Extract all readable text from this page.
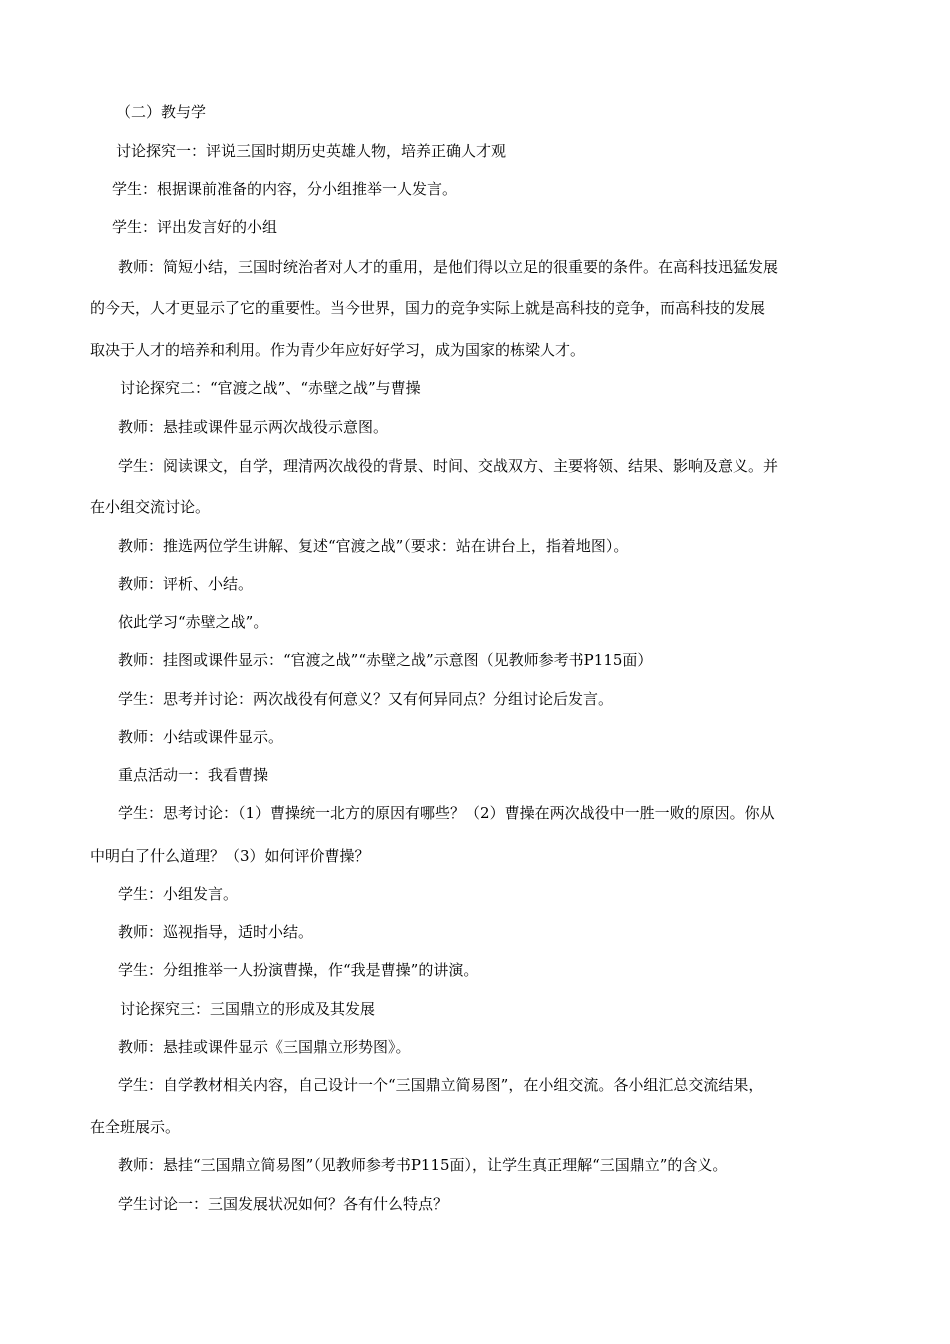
（二）教与学
讨论探究一：评说三国时期历史英雄人物，培养正确人才观
学生：根据课前准备的内容，分小组推举一人发言。
学生：评出发言好的小组
教师：简短小结，三国时统治者对人才的重用，是他们得以立足的很重要的条件。在高科技迅猛发展
的今天，人才更显示了它的重要性。当今世界，国力的竞争实际上就是高科技的竞争，而高科技的发展
取决于人才的培养和利用。作为青少年应好好学习，成为国家的栋梁人才。
讨论探究二：“官渡之战”、“赤壁之战”与曹操
教师：悬挂或课件显示两次战役示意图。
学生：阅读课文，自学，理清两次战役的背景、时间、交战双方、主要将领、结果、影响及意义。并
在小组交流讨论。
教师：推选两位学生讲解、复述“官渡之战”（要求：站在讲台上，指着地图）。
教师：评析、小结。
依此学习“赤壁之战”。
教师：挂图或课件显示：“官渡之战”“赤壁之战”示意图（见教师参考书P115面）
学生：思考并讨论：两次战役有何意义？又有何异同点？分组讨论后发言。
教师：小结或课件显示。
重点活动一：我看曹操
学生：思考讨论：（1）曹操统一北方的原因有哪些？（2）曹操在两次战役中一胜一败的原因。你从
中明白了什么道理？（3）如何评价曹操？
学生：小组发言。
教师：巡视指导，适时小结。
学生：分组推举一人扮演曹操，作“我是曹操”的讲演。
讨论探究三：三国鼎立的形成及其发展
教师：悬挂或课件显示《三国鼎立形势图》。
学生：自学教材相关内容，自己设计一个“三国鼎立简易图”，在小组交流。各小组汇总交流结果，
在全班展示。
教师：悬挂“三国鼎立简易图”（见教师参考书P115面），让学生真正理解“三国鼎立”的含义。
学生讨论一：三国发展状况如何？各有什么特点？
